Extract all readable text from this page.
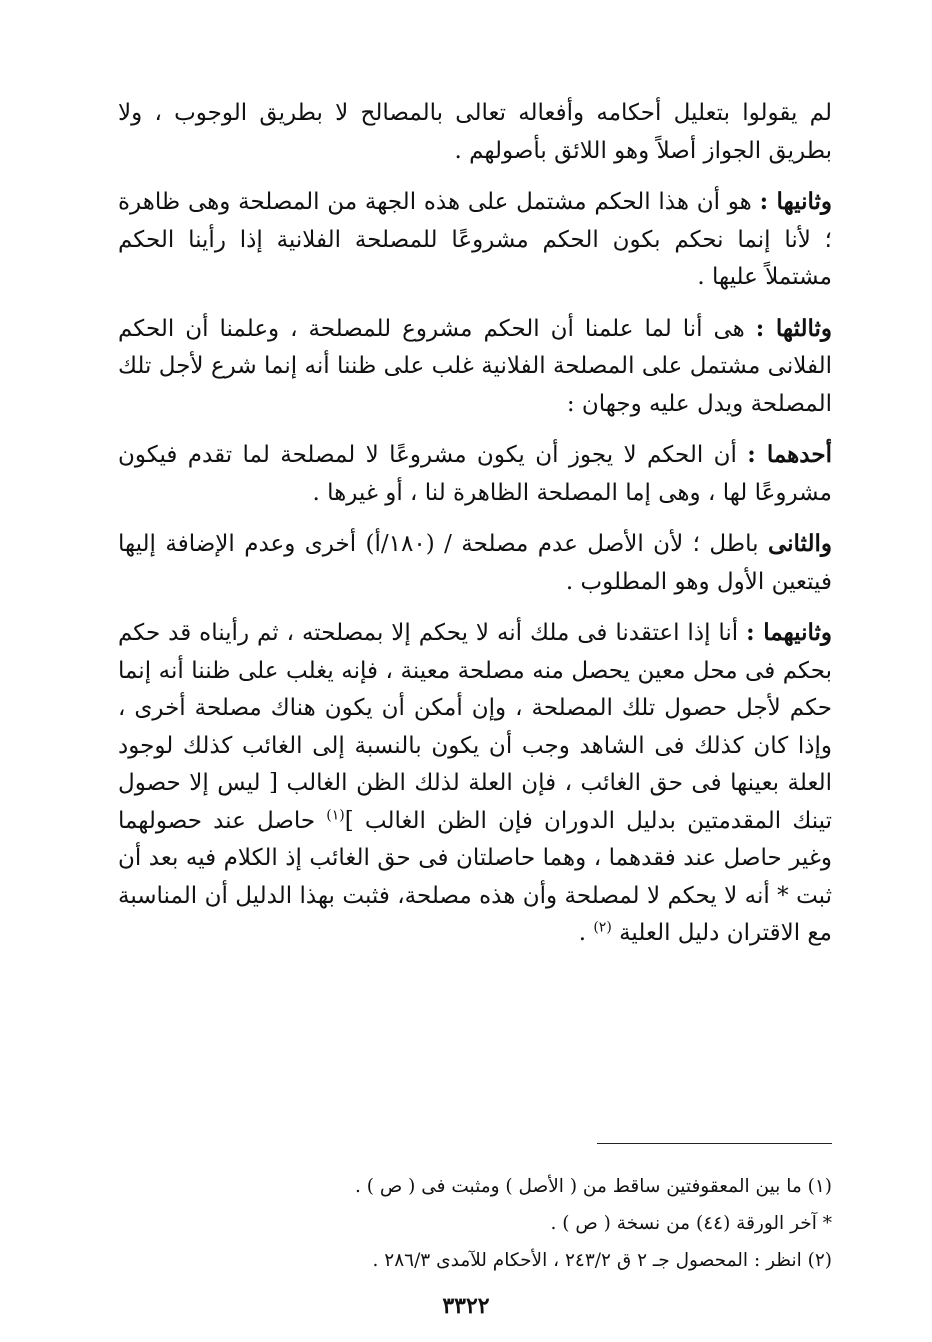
لم يقولوا بتعليل أحكامه وأفعاله تعالى بالمصالح لا بطريق الوجوب ، ولا بطريق الجواز أصلاً وهو اللائق بأصولهم .

وثانيها : هو أن هذا الحكم مشتمل على هذه الجهة من المصلحة وهى ظاهرة ؛ لأنا إنما نحكم بكون الحكم مشروعًا للمصلحة الفلانية إذا رأينا الحكم مشتملاً عليها .

وثالثها : هى أنا لما علمنا أن الحكم مشروع للمصلحة ، وعلمنا أن الحكم الفلانى مشتمل على المصلحة الفلانية غلب على ظننا أنه إنما شرع لأجل تلك المصلحة ويدل عليه وجهان :

أحدهما : أن الحكم لا يجوز أن يكون مشروعًا لا لمصلحة لما تقدم فيكون مشروعًا لها ، وهى إما المصلحة الظاهرة لنا ، أو غيرها .

والثانى باطل ؛ لأن الأصل عدم مصلحة / (١٨٠/أ) أخرى وعدم الإضافة إليها فيتعين الأول وهو المطلوب .

وثانيهما : أنا إذا اعتقدنا فى ملك أنه لا يحكم إلا بمصلحته ، ثم رأيناه قد حكم بحكم فى محل معين يحصل منه مصلحة معينة ، فإنه يغلب على ظننا أنه إنما حكم لأجل حصول تلك المصلحة ، وإن أمكن أن يكون هناك مصلحة أخرى ، وإذا كان كذلك فى الشاهد وجب أن يكون بالنسبة إلى الغائب كذلك لوجود العلة بعينها فى حق الغائب ، فإن العلة لذلك الظن الغالب [ ليس إلا حصول تينك المقدمتين بدليل الدوران فإن الظن الغالب ]$^{(١)}$ حاصل عند حصولهما وغير حاصل عند فقدهما ، وهما حاصلتان فى حق الغائب إذ الكلام فيه بعد أن ثبت * أنه لا يحكم لا لمصلحة وأن هذه مصلحة، فثبت بهذا الدليل أن المناسبة مع الاقتران دليل العلية $^{(٢)}$ .

(١) ما بين المعقوفتين ساقط من ( الأصل ) ومثبت فى ( ص ) .

* آخر الورقة (٤٤) من نسخة ( ص ) .

(٢) انظر : المحصول جـ ٢ ق ٢٤٣/٢ ، الأحكام للآمدى ٢٨٦/٣ .

٣٣٢٢
